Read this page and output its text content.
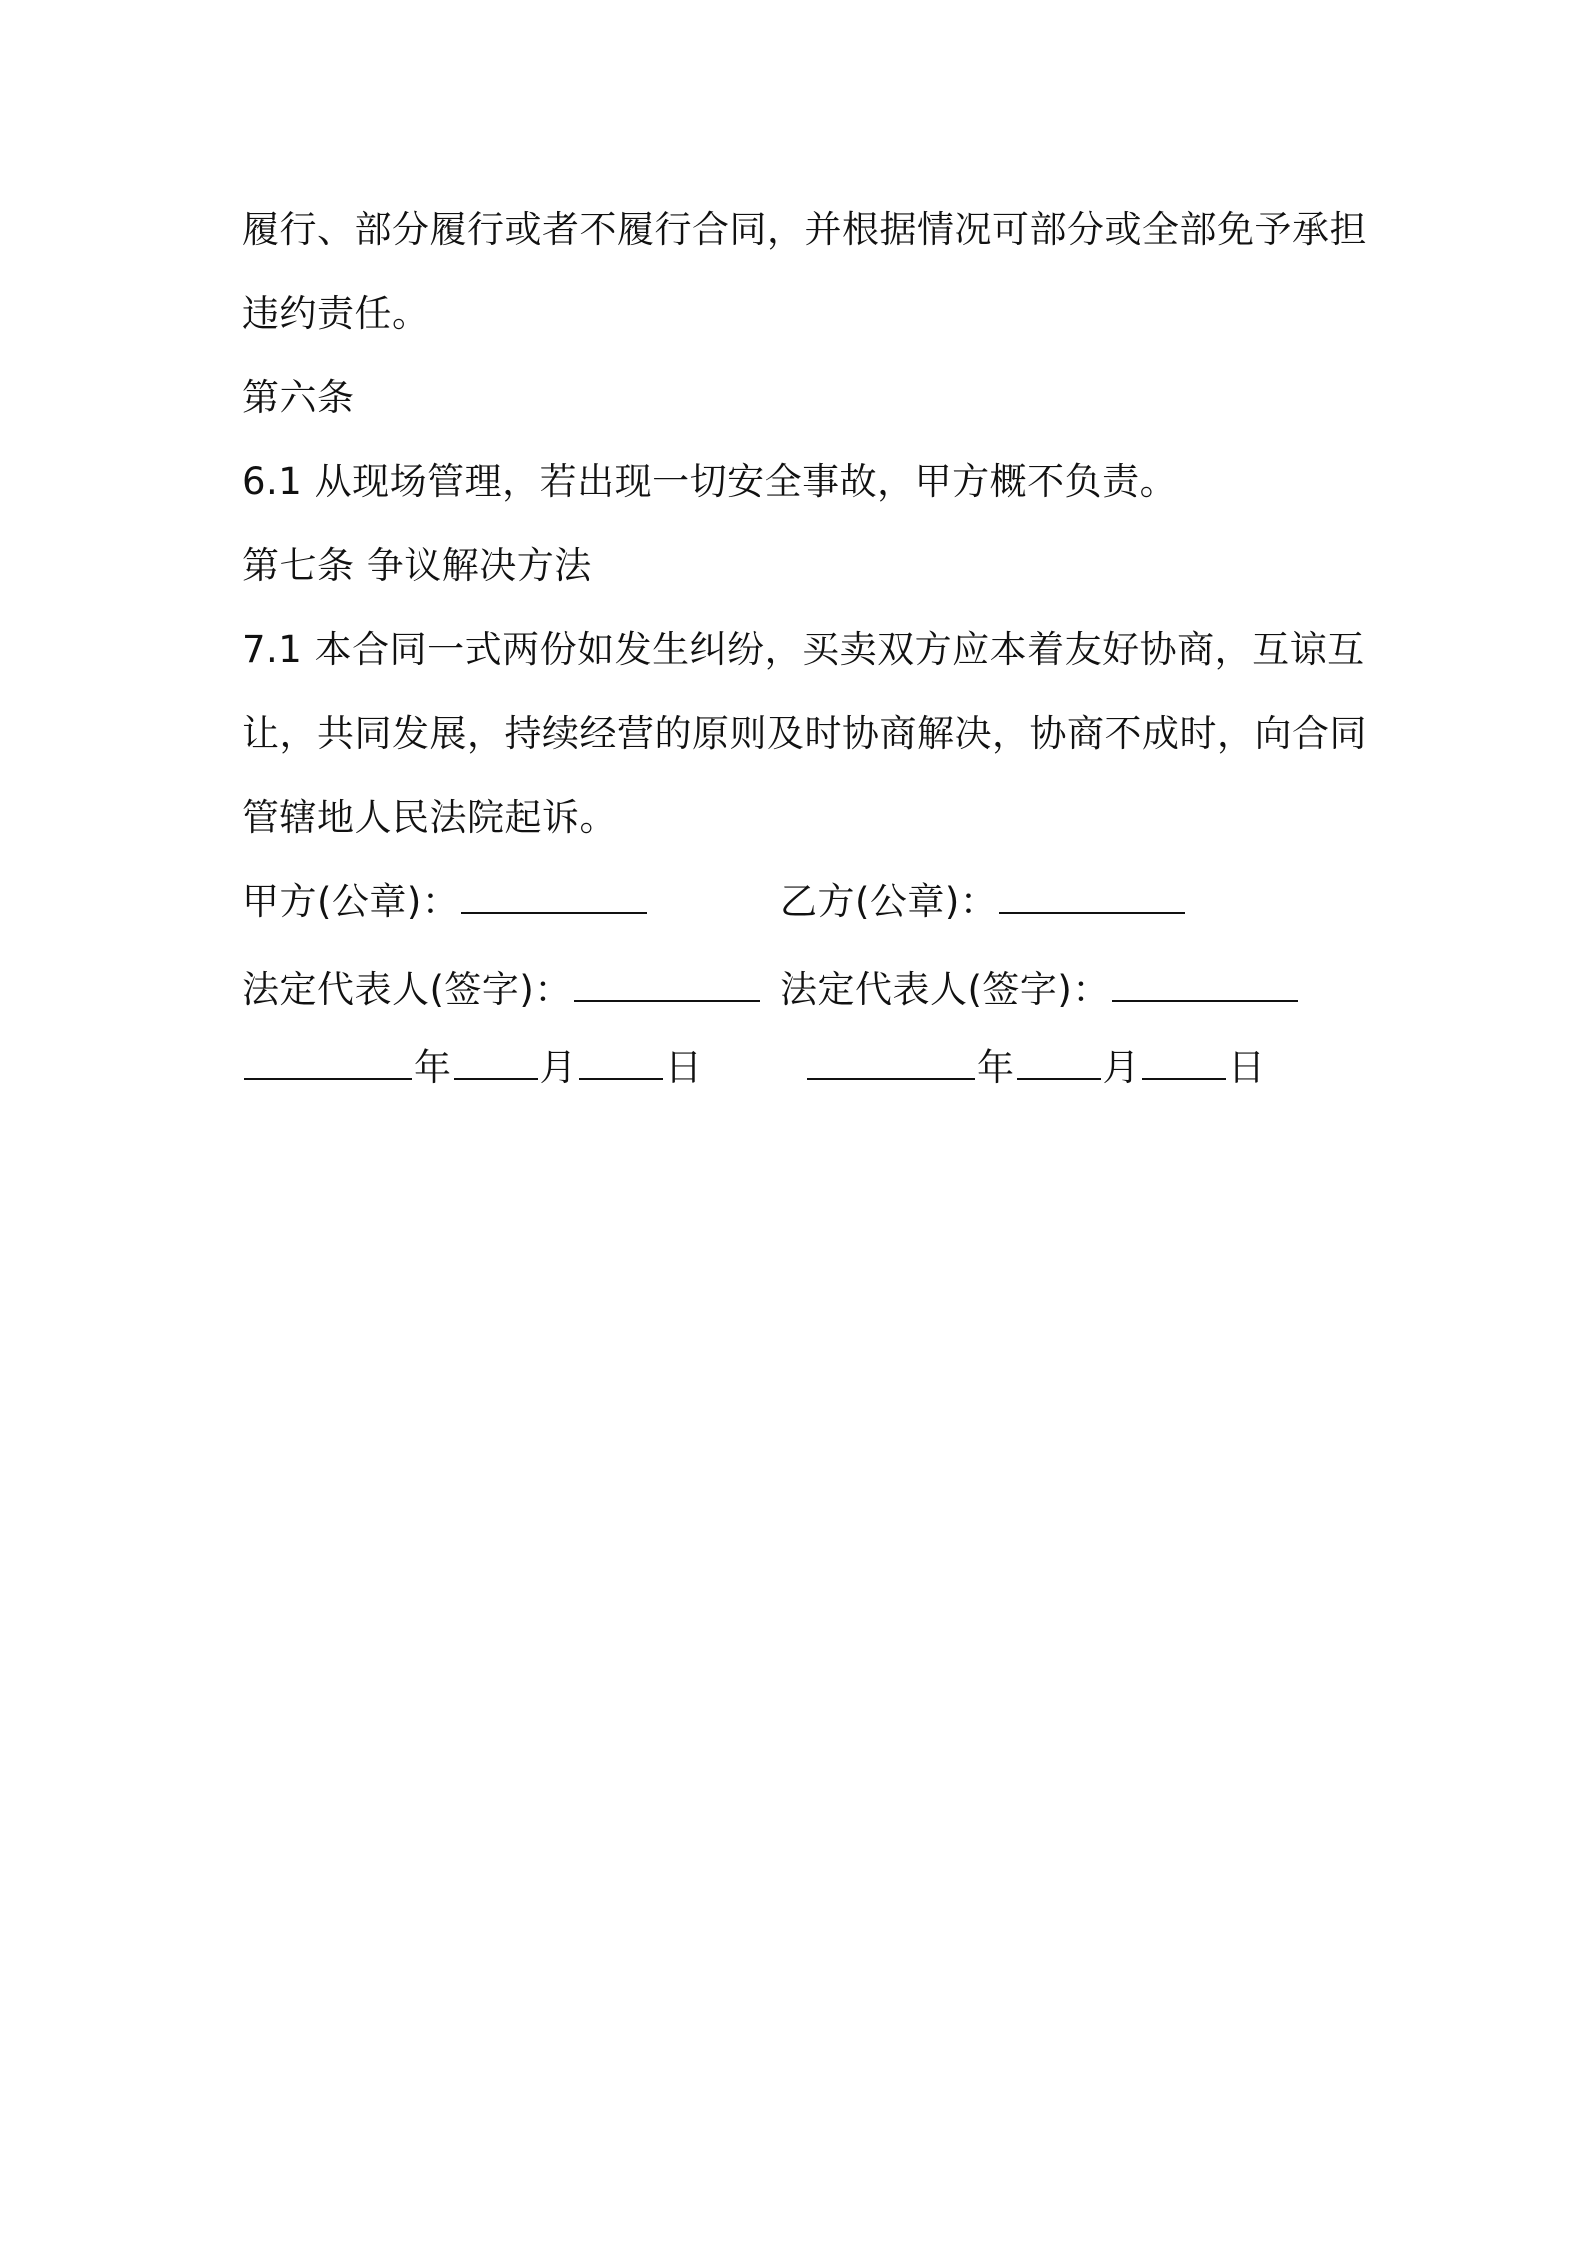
履行、部分履行或者不履行合同，并根据情况可部分或全部免予承担
违约责任。
第六条
6.1 从现场管理，若出现一切安全事故，甲方概不负责。
第七条 争议解决方法
7.1 本合同一式两份如发生纠纷，买卖双方应本着友好协商，互谅互
让，共同发展，持续经营的原则及时协商解决，协商不成时，向合同
管辖地人民法院起诉。
甲方(公章)：	乙方(公章)：
法定代表人(签字)：	法定代表人(签字)：
年 月 日	年 月 日
